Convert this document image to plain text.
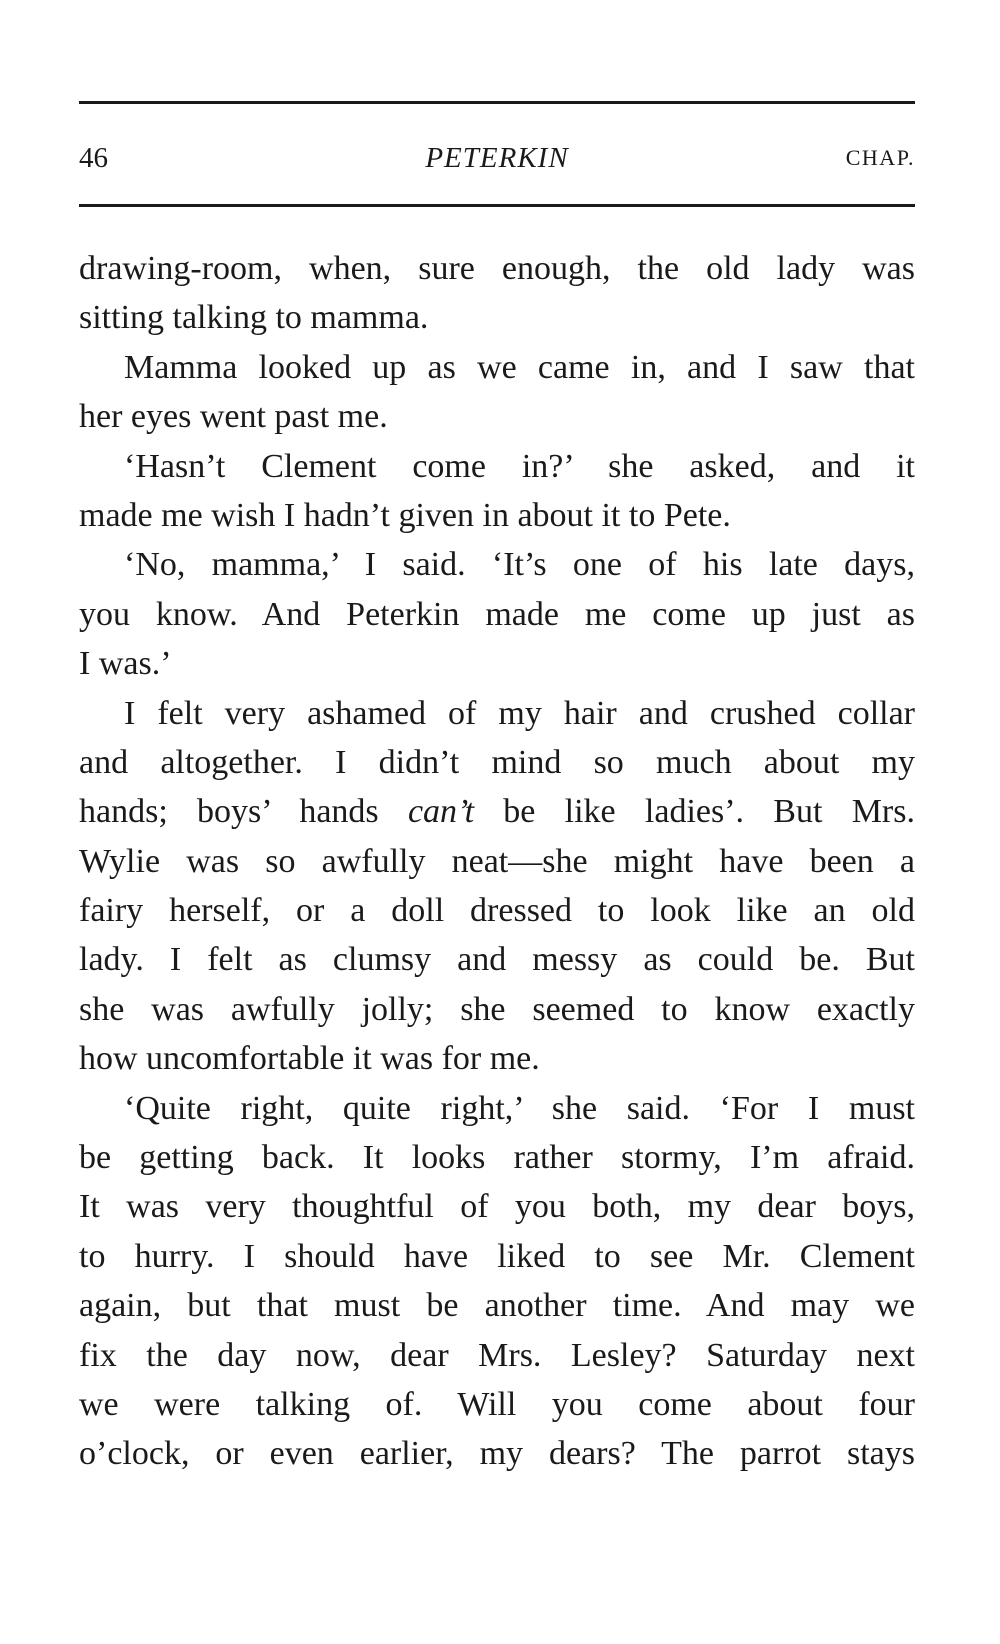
46	PETERKIN	CHAP.
drawing-room, when, sure enough, the old lady was
sitting talking to mamma.
Mamma looked up as we came in, and I saw that
her eyes went past me.
‘Hasn’t Clement come in?’ she asked, and it
made me wish I hadn’t given in about it to Pete.
‘No, mamma,’ I said. ‘It’s one of his late days,
you know. And Peterkin made me come up just as
I was.’
I felt very ashamed of my hair and crushed collar
and altogether. I didn’t mind so much about my
hands; boys’ hands can’t be like ladies’. But Mrs.
Wylie was so awfully neat—she might have been a
fairy herself, or a doll dressed to look like an old
lady. I felt as clumsy and messy as could be. But
she was awfully jolly; she seemed to know exactly
how uncomfortable it was for me.
‘Quite right, quite right,’ she said. ‘For I must
be getting back. It looks rather stormy, I’m afraid.
It was very thoughtful of you both, my dear boys,
to hurry. I should have liked to see Mr. Clement
again, but that must be another time. And may we
fix the day now, dear Mrs. Lesley? Saturday next
we were talking of. Will you come about four
o’clock, or even earlier, my dears? The parrot stays
